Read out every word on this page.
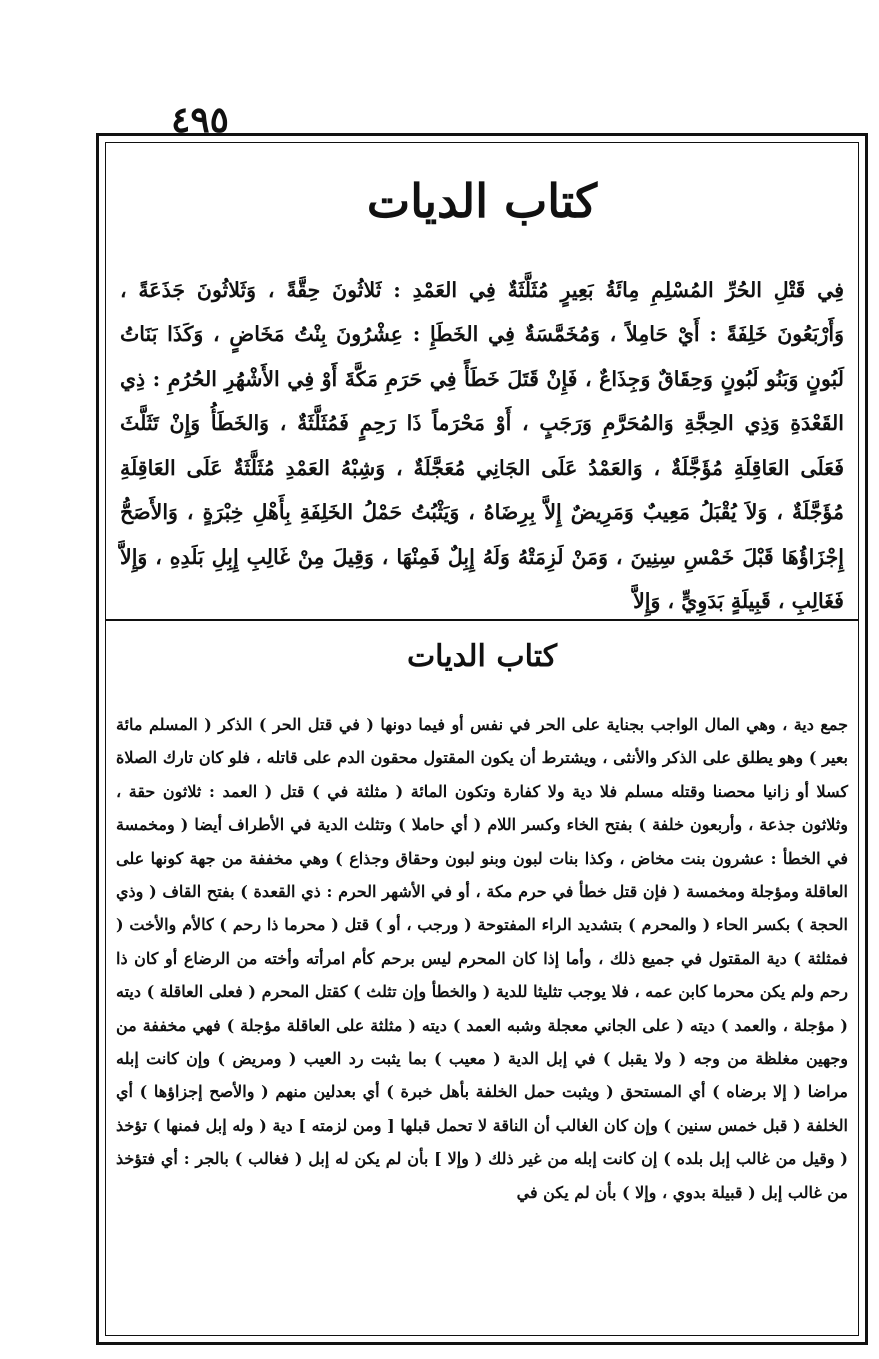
٤٩٥
كتاب الديات

فِي قَتْلِ الحُرِّ المُسْلِمِ مِائَةُ بَعِيرٍ مُثَلَّثَةٌ فِي العَمْدِ : ثَلاثُونَ حِقَّةً ، وَثَلاثُونَ جَذَعَةً ، وَأَرْبَعُونَ خَلِفَةً : أَيْ حَامِلاً ، وَمُخَمَّسَةٌ فِي الخَطَإِ : عِشْرُونَ بِنْتُ مَخَاضٍ ، وَكَذَا بَنَاتُ لَبُونٍ وَبَنُو لَبُونٍ وَحِقَاقٌ وَجِذَاعٌ ، فَإِنْ قَتَلَ خَطَأً فِي حَرَمِ مَكَّةَ أَوْ فِي الأَشْهُرِ الحُرُمِ : ذِي القَعْدَةِ وَذِي الحِجَّةِ وَالمُحَرَّمِ وَرَجَبٍ ، أَوْ مَحْرَماً ذَا رَحِمٍ فَمُثَلَّثَةٌ ، وَالخَطَأُ وَإِنْ تَثَلَّثَ فَعَلَى العَاقِلَةِ مُؤَجَّلَةٌ ، وَالعَمْدُ عَلَى الجَانِي مُعَجَّلَةٌ ، وَشِبْهُ العَمْدِ مُثَلَّثَةٌ عَلَى العَاقِلَةِ مُؤَجَّلَةٌ ، وَلاَ يُقْبَلُ مَعِيبٌ وَمَرِيضٌ إِلاَّ بِرِضَاهُ ، وَيَثْبُتُ حَمْلُ الخَلِفَةِ بِأَهْلِ خِبْرَةٍ ، وَالأَصَحُّ إِجْزَاؤُهَا قَبْلَ خَمْسِ سِنِينَ ، وَمَنْ لَزِمَتْهُ وَلَهُ إِبِلٌ فَمِنْهَا ، وَقِيلَ مِنْ غَالِبِ إِبِلِ بَلَدِهِ ، وَإِلاَّ فَغَالِبِ ، قَبِيلَةٍ بَدَوِيٍّ ، وَإِلاَّ

كتاب الديات

جمع دية ، وهي المال الواجب بجناية على الحر في نفس أو فيما دونها ( في قتل الحر ) الذكر ( المسلم مائة بعير ) وهو يطلق على الذكر والأنثى ، ويشترط أن يكون المقتول محقون الدم على قاتله ، فلو كان تارك الصلاة كسلا أو زانيا محصنا وقتله مسلم فلا دية ولا كفارة وتكون المائة ( مثلثة في ) قتل ( العمد : ثلاثون حقة ، وثلاثون جذعة ، وأربعون خلفة ) بفتح الخاء وكسر اللام ( أي حاملا ) وتثلث الدية في الأطراف أيضا ( ومخمسة في الخطأ : عشرون بنت مخاض ، وكذا بنات لبون وبنو لبون وحقاق وجذاع ) وهي مخففة من جهة كونها على العاقلة ومؤجلة ومخمسة ( فإن قتل خطأ في حرم مكة ، أو في الأشهر الحرم : ذي القعدة ) بفتح القاف ( وذي الحجة ) بكسر الحاء ( والمحرم ) بتشديد الراء المفتوحة ( ورجب ، أو ) قتل ( محرما ذا رحم ) كالأم والأخت ( فمثلثة ) دية المقتول في جميع ذلك ، وأما إذا كان المحرم ليس برحم كأم امرأته وأخته من الرضاع أو كان ذا رحم ولم يكن محرما كابن عمه ، فلا يوجب تثليثا للدية ( والخطأ وإن تثلث ) كقتل المحرم ( فعلى العاقلة ) ديته ( مؤجلة ، والعمد ) ديته ( على الجاني معجلة وشبه العمد ) ديته ( مثلثة على العاقلة مؤجلة ) فهي مخففة من وجهين مغلظة من وجه ( ولا يقبل ) في إبل الدية ( معيب ) بما يثبت رد العيب ( ومريض ) وإن كانت إبله مراضا ( إلا برضاه ) أي المستحق ( ويثبت حمل الخلفة بأهل خبرة ) أي بعدلين منهم ( والأصح إجزاؤها ) أي الخلفة ( قبل خمس سنين ) وإن كان الغالب أن الناقة لا تحمل قبلها [ ومن لزمته ] دية ( وله إبل فمنها ) تؤخذ ( وقيل من غالب إبل بلده ) إن كانت إبله من غير ذلك ( وإلا ] بأن لم يكن له إبل ( فغالب ) بالجر : أي فتؤخذ من غالب إبل ( قبيلة بدوي ، وإلا ) بأن لم يكن في
